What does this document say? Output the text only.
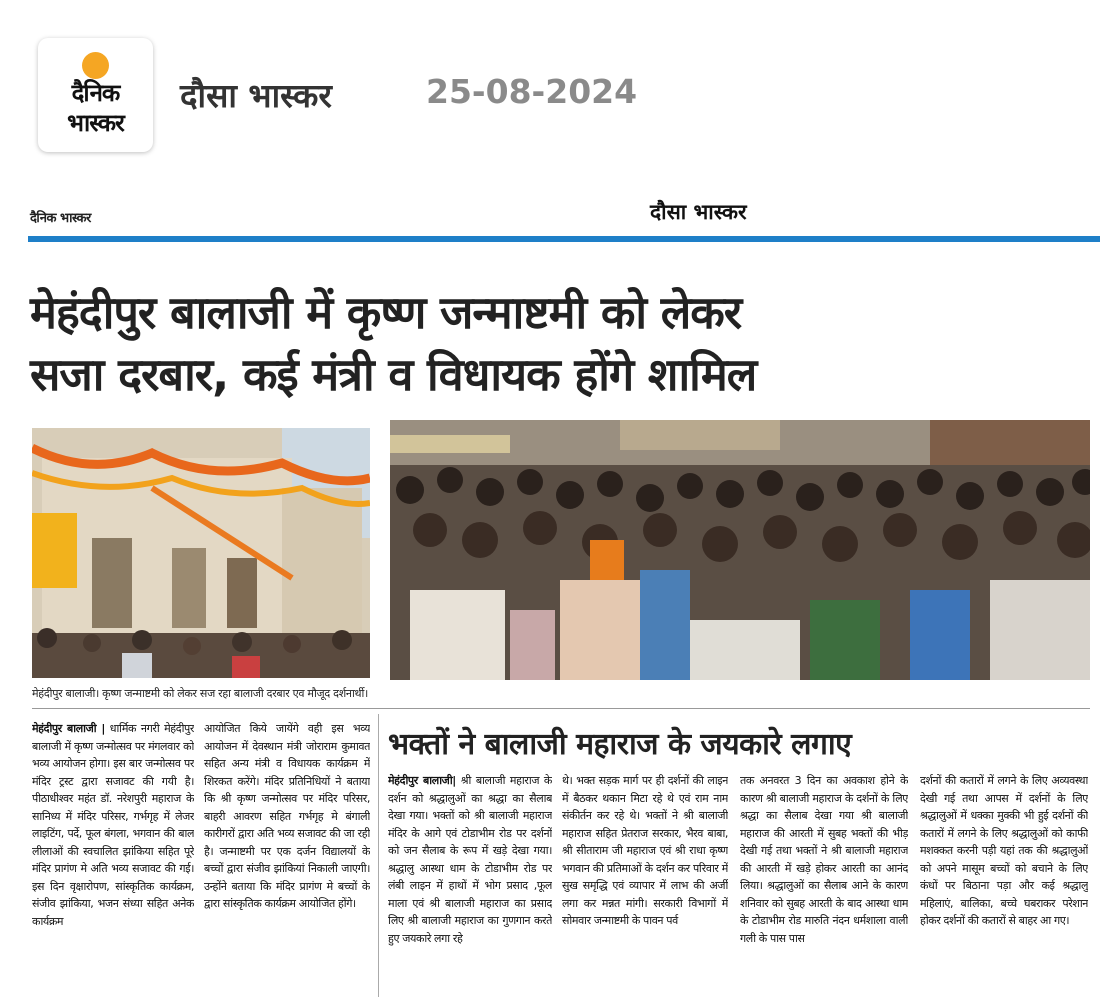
दैनिक
भास्कर
दौसा भास्कर	25-08-2024
दैनिक भास्कर	दौसा भास्कर
मेहंदीपुर बालाजी में कृष्ण जन्माष्टमी को लेकर
सजा दरबार, कई मंत्री व विधायक होंगे शामिल
मेहंदीपुर बालाजी। कृष्ण जन्माष्टमी को लेकर सज रहा बालाजी दरबार एव मौजूद दर्शनार्थी।
मेहंदीपुर बालाजी | धार्मिक नगरी मेहंदीपुर बालाजी में कृष्ण जन्मोत्सव पर मंगलवार को भव्य आयोजन होगा। इस बार जन्मोत्सव पर मंदिर ट्रस्ट द्वारा सजावट की गयी है। पीठाधीश्वर महंत डॉ. नरेशपुरी महाराज के सानिध्य में मंदिर परिसर, गर्भगृह में लेजर लाइटिंग, पर्दे, फूल बंगला, भगवान की बाल लीलाओं की स्वचालित झांकिया सहित पूरे मंदिर प्रागंण मे अति भव्य सजावट की गई। इस दिन वृक्षारोपण, सांस्कृतिक कार्यक्रम, संजीव झांकिया, भजन संध्या सहित अनेक कार्यक्रम
आयोजित किये जायेंगे वही इस भव्य आयोजन में देवस्थान मंत्री जोराराम कुमावत सहित अन्य मंत्री व विधायक कार्यक्रम में शिरकत करेंगे। मंदिर प्रतिनिधियों ने बताया कि श्री कृष्ण जन्मोत्सव पर मंदिर परिसर, बाहरी आवरण सहित गर्भगृह मे बंगाली कारीगरों द्वारा अति भव्य सजावट की जा रही है। जन्माष्टमी पर एक दर्जन विद्यालयों के बच्चों द्वारा संजीव झांकियां निकाली जाएगी। उन्होंने बताया कि मंदिर प्रागंण मे बच्चों के द्वारा सांस्कृतिक कार्यक्रम आयोजित होंगे।
भक्तों ने बालाजी महाराज के जयकारे लगाए
मेहंदीपुर बालाजी| श्री बालाजी महाराज के दर्शन को श्रद्धालुओं का श्रद्धा का सैलाब देखा गया। भक्तों को श्री बालाजी महाराज मंदिर के आगे एवं टोडाभीम रोड पर दर्शनों को जन सैलाब के रूप में खड़े देखा गया। श्रद्धालु आस्था धाम के टोडाभीम रोड पर लंबी लाइन में हाथों में भोग प्रसाद ,फूल माला एवं श्री बालाजी महाराज का प्रसाद लिए श्री बालाजी महाराज का गुणगान करते हुए जयकारे लगा रहे
थे। भक्त सड़क मार्ग पर ही दर्शनों की लाइन में बैठकर थकान मिटा रहे थे एवं राम नाम संकीर्तन कर रहे थे। भक्तों ने श्री बालाजी महाराज सहित प्रेतराज सरकार, भैरव बाबा, श्री सीताराम जी महाराज एवं श्री राधा कृष्ण भगवान की प्रतिमाओं के दर्शन कर परिवार में सुख समृद्धि एवं व्यापार में लाभ की अर्जी लगा कर मन्नत मांगी। सरकारी विभागों में सोमवार जन्माष्टमी के पावन पर्व
तक अनवरत 3 दिन का अवकाश होने के कारण श्री बालाजी महाराज के दर्शनों के लिए श्रद्धा का सैलाब देखा गया श्री बालाजी महाराज की आरती में सुबह भक्तों की भीड़ देखी गई तथा भक्तों ने श्री बालाजी महाराज की आरती में खड़े होकर आरती का आनंद लिया। श्रद्धालुओं का सैलाब आने के कारण शनिवार को सुबह आरती के बाद आस्था धाम के टोडाभीम रोड मारुति नंदन धर्मशाला वाली गली के पास पास
दर्शनों की कतारों में लगने के लिए अव्यवस्था देखी गई तथा आपस में दर्शनों के लिए श्रद्धालुओं में धक्का मुक्की भी हुई दर्शनों की कतारों में लगने के लिए श्रद्धालुओं को काफी मशक्कत करनी पड़ी यहां तक की श्रद्धालुओं को अपने मासूम बच्चों को बचाने के लिए कंधों पर बिठाना पड़ा और कई श्रद्धालु महिलाएं, बालिका, बच्चे घबराकर परेशान होकर दर्शनों की कतारों से बाहर आ गए।
